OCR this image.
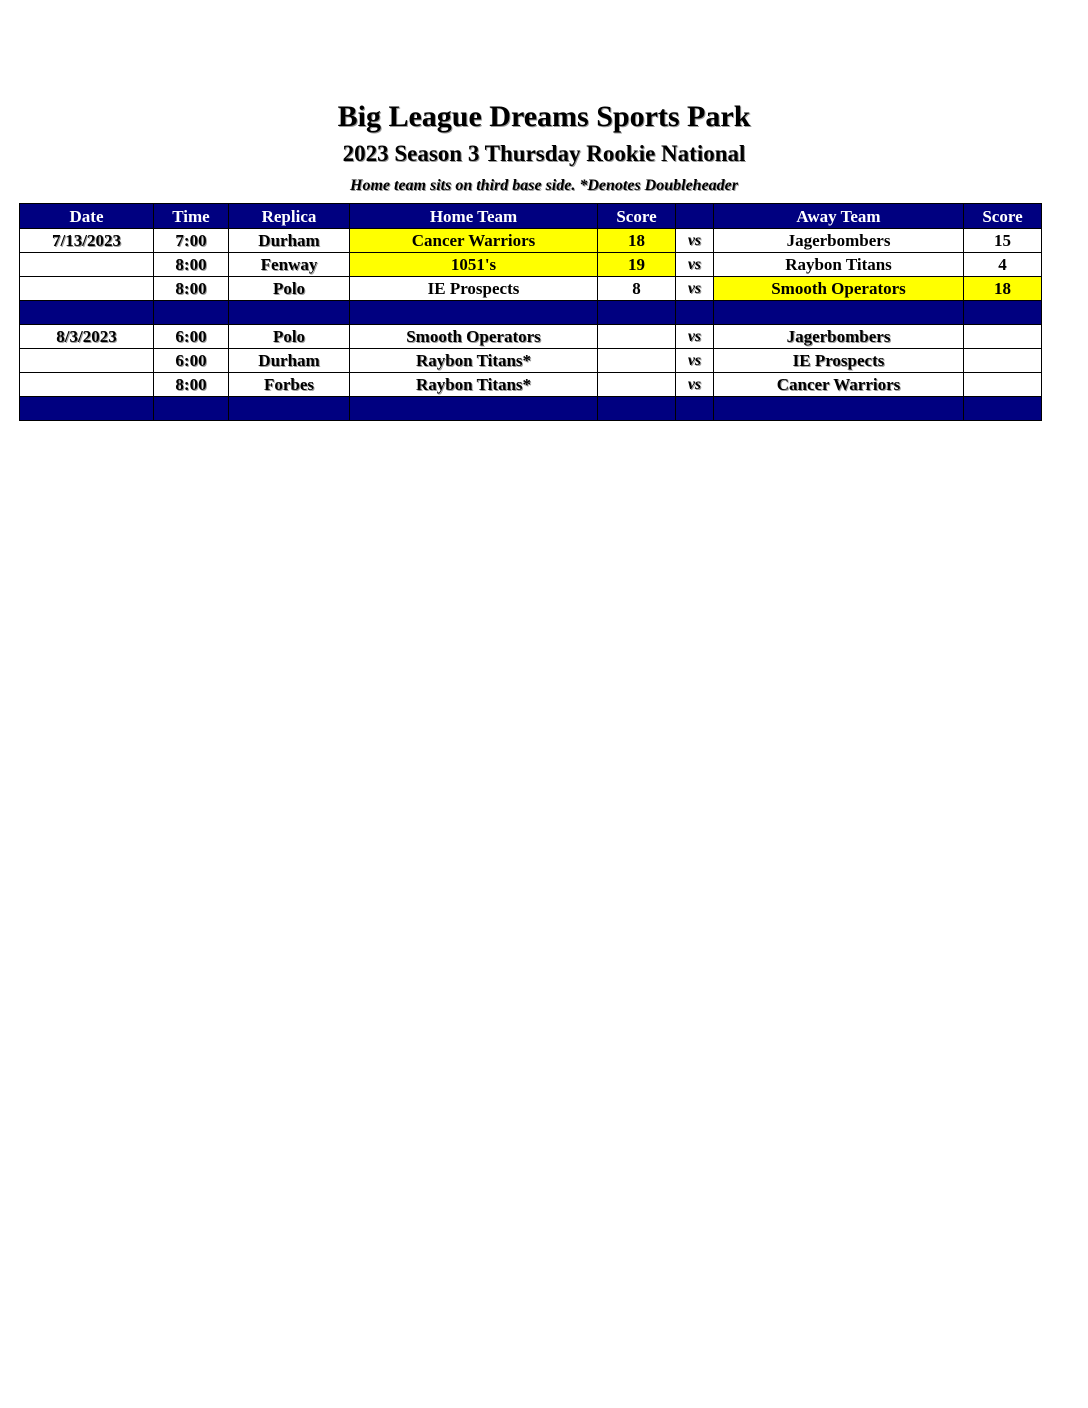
Big League Dreams Sports Park
2023 Season 3 Thursday Rookie National
Home team sits on third base side. *Denotes Doubleheader
Date	Time	Replica	Home Team	Score		Away Team	Score
7/13/2023	7:00	Durham	Cancer Warriors	18	vs	Jagerbombers	15
	8:00	Fenway	1051's	19	vs	Raybon Titans	4
	8:00	Polo	IE Prospects	8	vs	Smooth Operators	18

8/3/2023	6:00	Polo	Smooth Operators		vs	Jagerbombers	
	6:00	Durham	Raybon Titans*		vs	IE Prospects	
	8:00	Forbes	Raybon Titans*		vs	Cancer Warriors	
